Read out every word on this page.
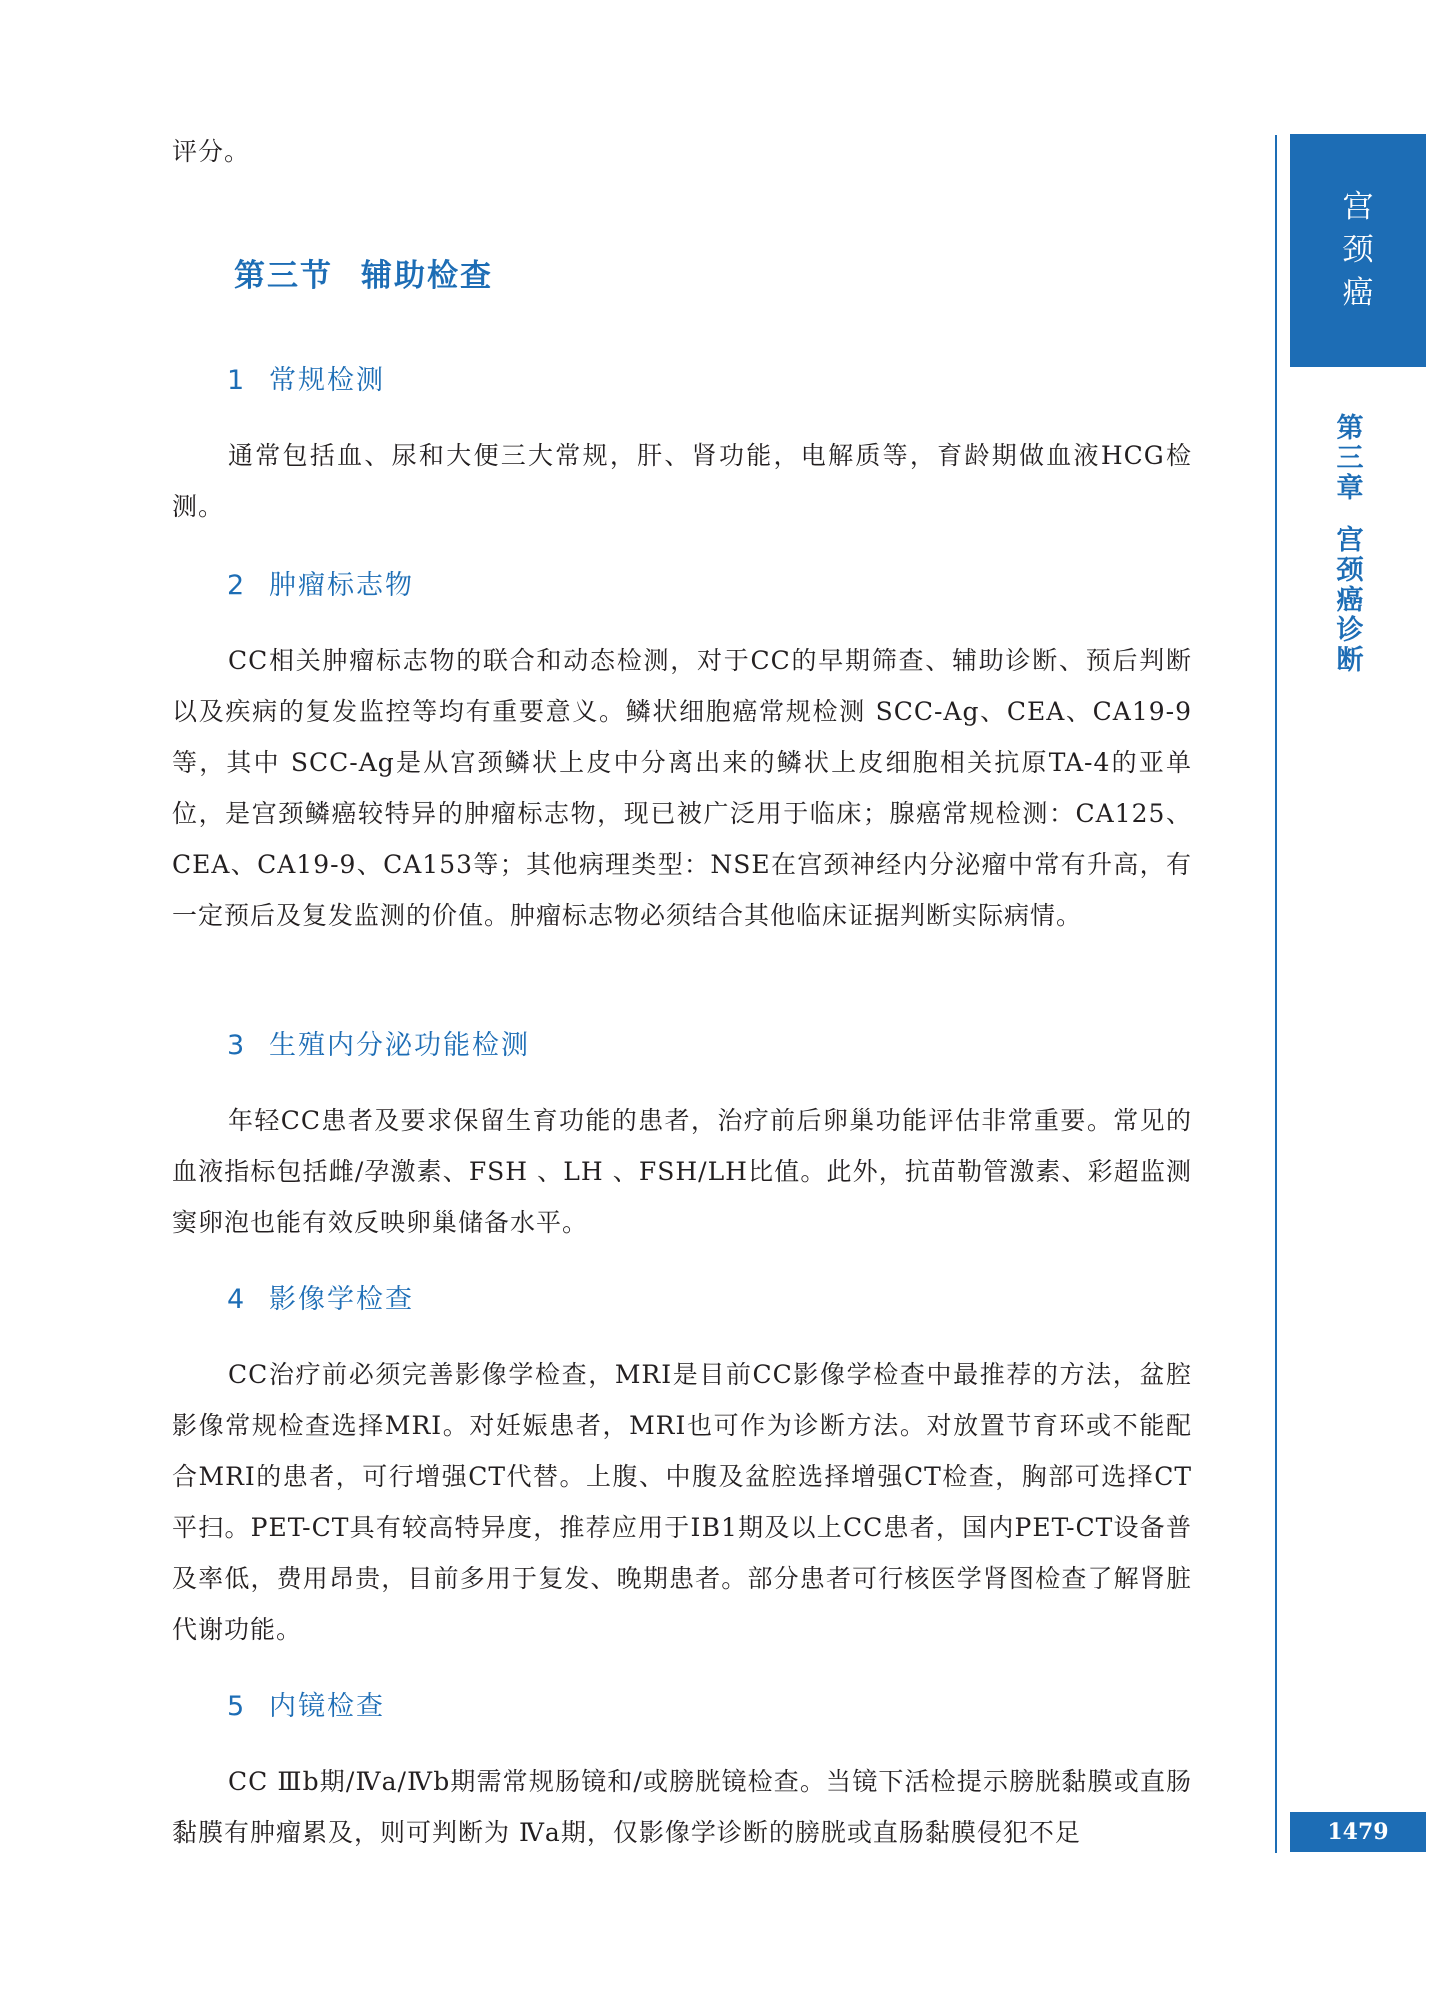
评分。

第三节 辅助检查
1 常规检测

通常包括血、尿和大便三大常规，肝、肾功能，电解质等，育龄期做血液HCG检测。

2 肿瘤标志物

CC相关肿瘤标志物的联合和动态检测，对于CC的早期筛查、辅助诊断、预后判断以及疾病的复发监控等均有重要意义。鳞状细胞癌常规检测 SCC-Ag、CEA、CA19-9等，其中 SCC-Ag是从宫颈鳞状上皮中分离出来的鳞状上皮细胞相关抗原TA-4的亚单位，是宫颈鳞癌较特异的肿瘤标志物，现已被广泛用于临床；腺癌常规检测：CA125、CEA、CA19-9、CA153等；其他病理类型：NSE在宫颈神经内分泌瘤中常有升高，有一定预后及复发监测的价值。肿瘤标志物必须结合其他临床证据判断实际病情。

3 生殖内分泌功能检测

年轻CC患者及要求保留生育功能的患者，治疗前后卵巢功能评估非常重要。常见的血液指标包括雌/孕激素、FSH 、LH 、FSH/LH比值。此外，抗苗勒管激素、彩超监测窦卵泡也能有效反映卵巢储备水平。

4 影像学检查

CC治疗前必须完善影像学检查，MRI是目前CC影像学检查中最推荐的方法，盆腔影像常规检查选择MRI。对妊娠患者，MRI也可作为诊断方法。对放置节育环或不能配合MRI的患者，可行增强CT代替。上腹、中腹及盆腔选择增强CT检查，胸部可选择CT平扫。PET-CT具有较高特异度，推荐应用于ⅠB1期及以上CC患者，国内PET-CT设备普及率低，费用昂贵，目前多用于复发、晚期患者。部分患者可行核医学肾图检查了解肾脏代谢功能。

5 内镜检查

CC Ⅲb期/Ⅳa/Ⅳb期需常规肠镜和/或膀胱镜检查。当镜下活检提示膀胱黏膜或直肠黏膜有肿瘤累及，则可判断为 Ⅳa期，仅影像学诊断的膀胱或直肠黏膜侵犯不足

宫
颈
癌
第
三
章
宫
颈
癌
诊
断
1479
